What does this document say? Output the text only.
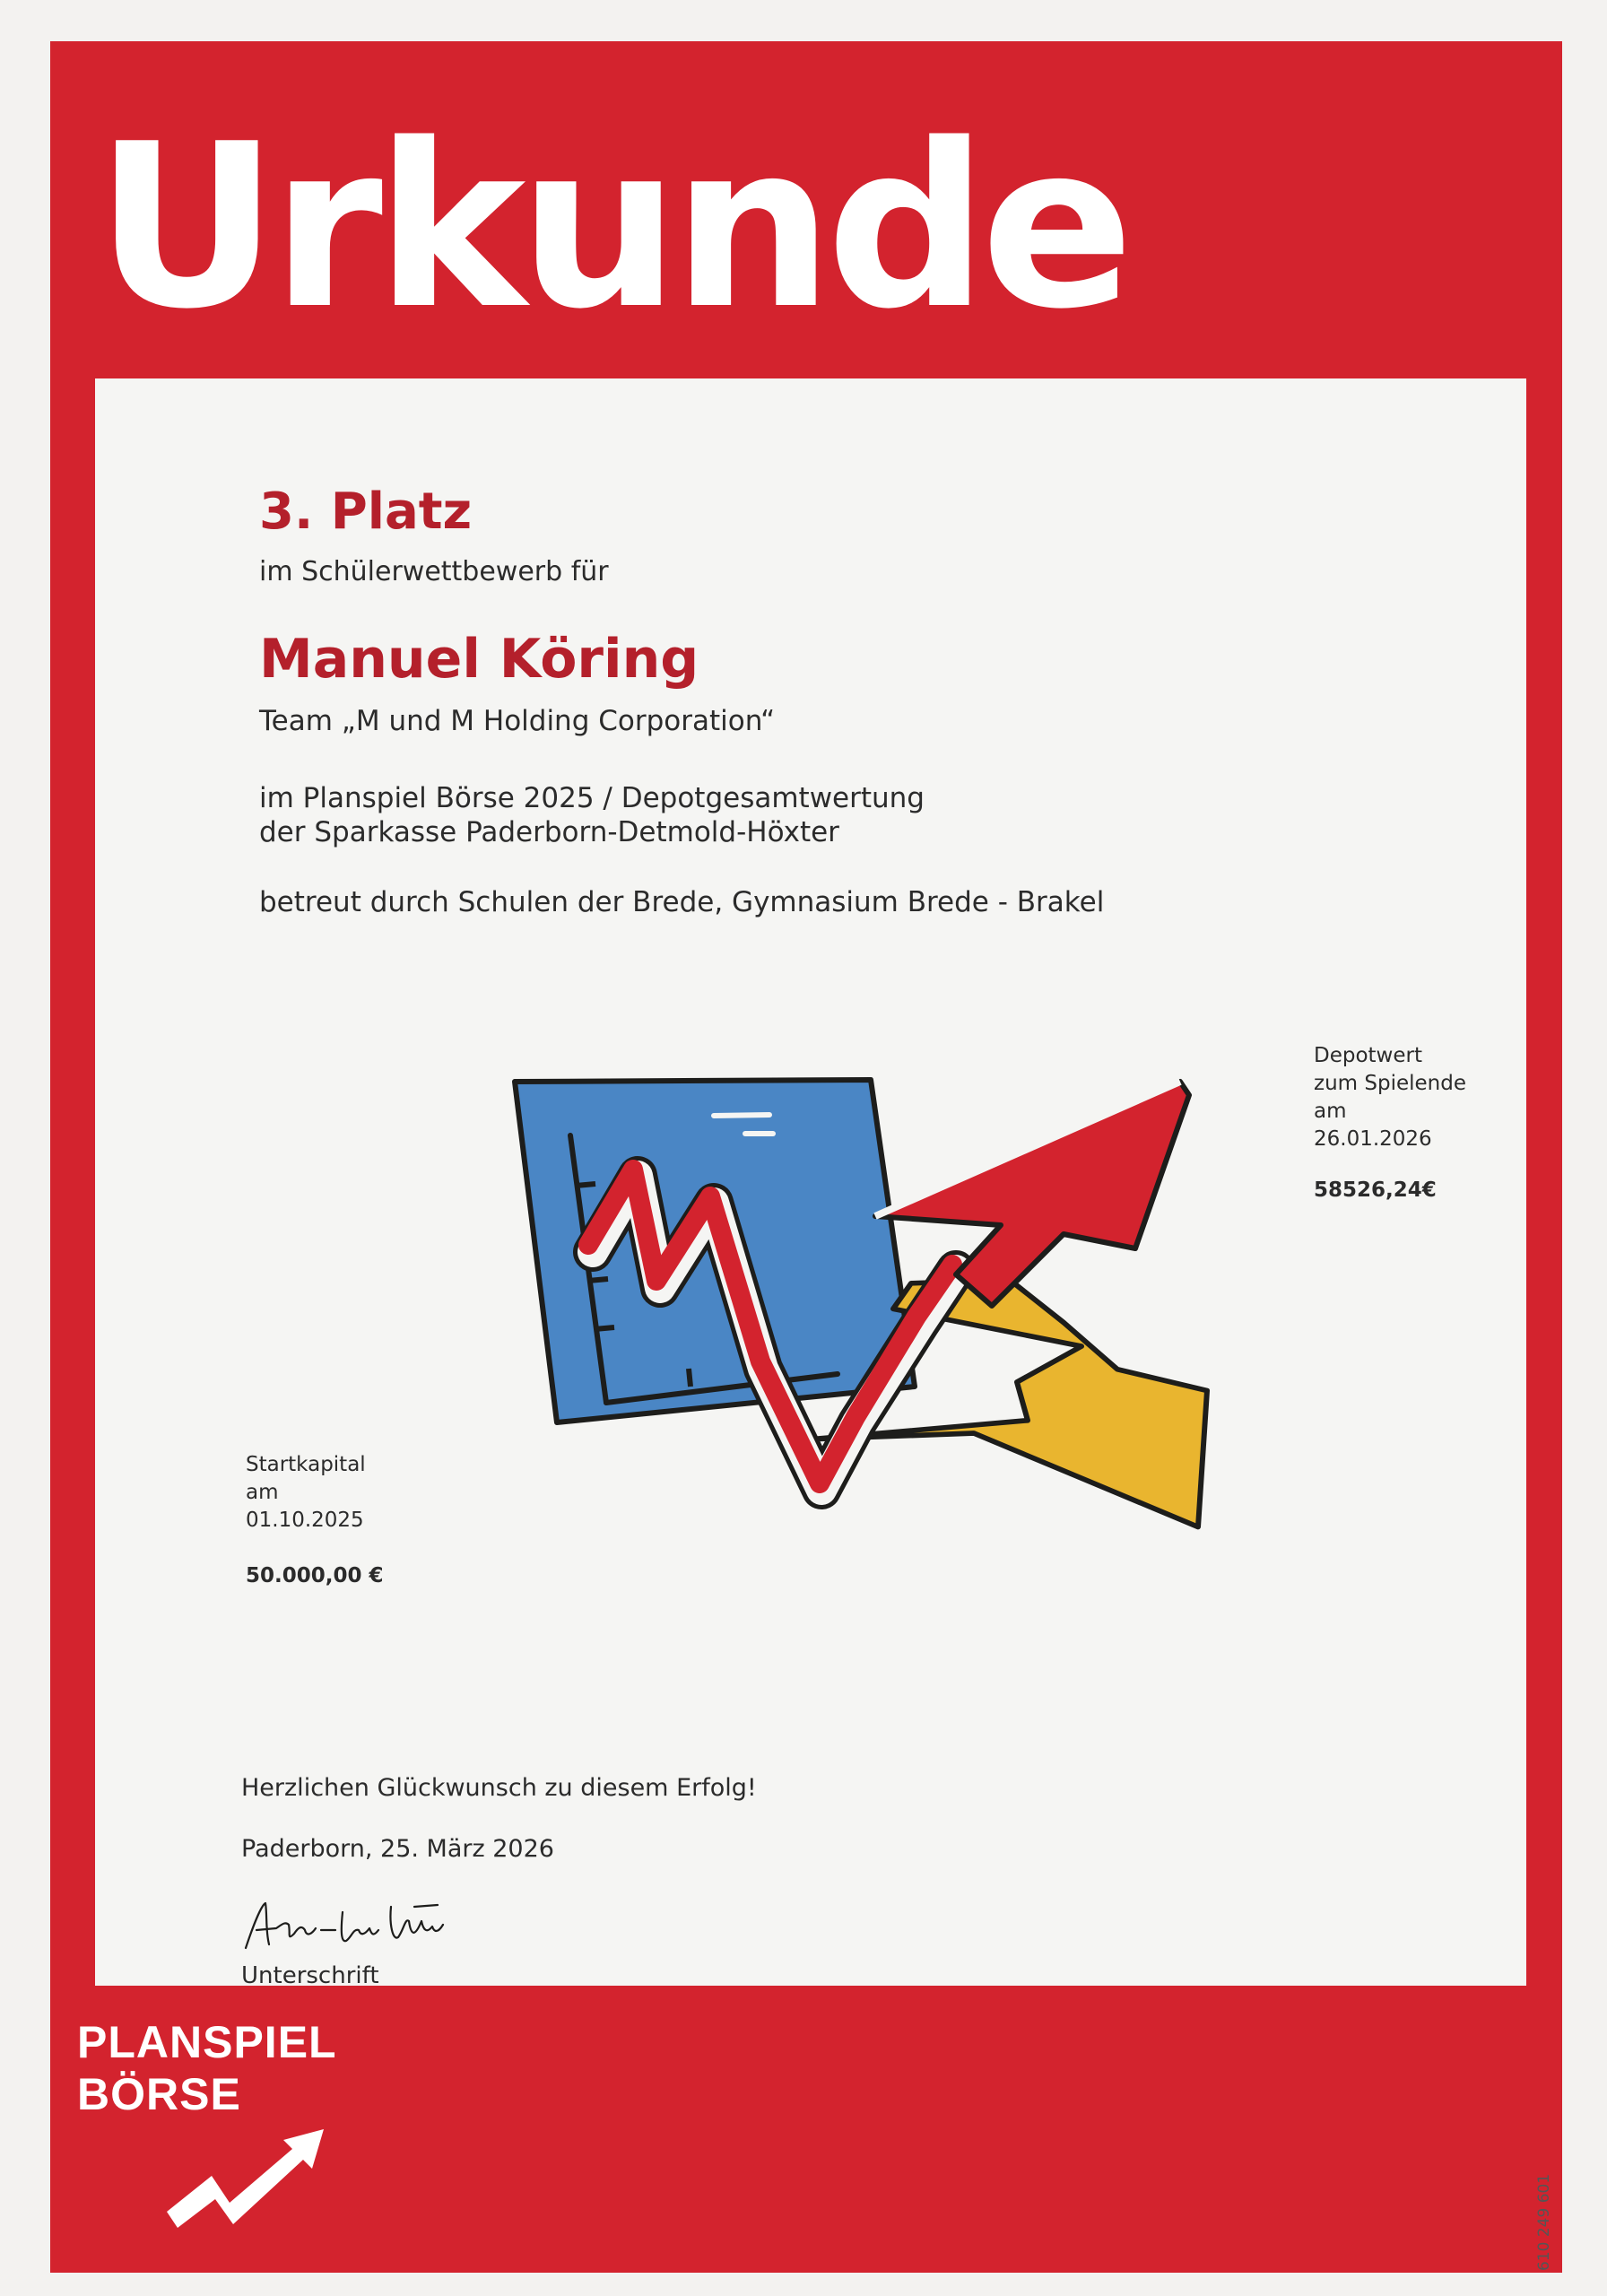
Urkunde
3. Platz

im Schülerwettbewerb für

Manuel Köring

Team „M und M Holding Corporation“

im Planspiel Börse 2025 / Depotgesamtwertung

der Sparkasse Paderborn-Detmold-Höxter

betreut durch Schulen der Brede, Gymnasium Brede - Brakel

Depotwert
zum Spielende
am
26.01.2026

58526,24€

Startkapital
am
01.10.2025

50.000,00 €

Herzlichen Glückwunsch zu diesem Erfolg!

Paderborn, 25. März 2026

Unterschrift

610 249 601
PLANSPIEL
BÖRSE
